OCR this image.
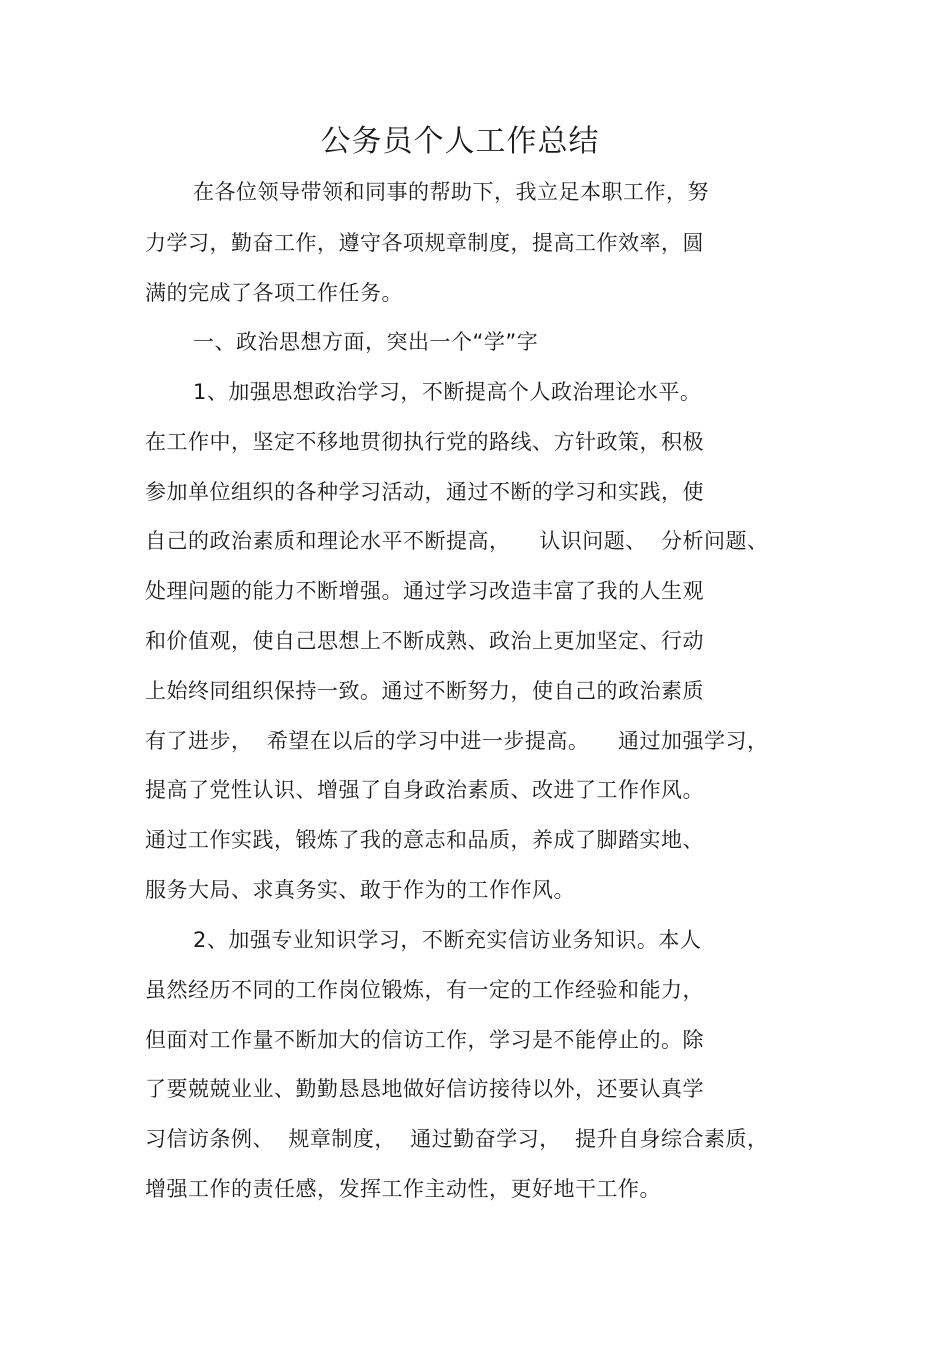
公务员个人工作总结
在各位领导带领和同事的帮助下，我立足本职工作，努
力学习，勤奋工作，遵守各项规章制度，提高工作效率，圆
满的完成了各项工作任务。
一、政治思想方面，突出一个“学”字
1、加强思想政治学习，不断提高个人政治理论水平。
在工作中，坚定不移地贯彻执行党的路线、方针政策，积极
参加单位组织的各种学习活动，通过不断的学习和实践，使
自己的政治素质和理论水平不断提高，    认识问题、  分析问题、
处理问题的能力不断增强。通过学习改造丰富了我的人生观
和价值观，使自己思想上不断成熟、政治上更加坚定、行动
上始终同组织保持一致。通过不断努力，使自己的政治素质
有了进步，  希望在以后的学习中进一步提高。    通过加强学习，
提高了党性认识、增强了自身政治素质、改进了工作作风。
通过工作实践，锻炼了我的意志和品质，养成了脚踏实地、
服务大局、求真务实、敢于作为的工作作风。
2、加强专业知识学习，不断充实信访业务知识。本人
虽然经历不同的工作岗位锻炼，有一定的工作经验和能力，
但面对工作量不断加大的信访工作，学习是不能停止的。除
了要兢兢业业、勤勤恳恳地做好信访接待以外，还要认真学
习信访条例、  规章制度，  通过勤奋学习，  提升自身综合素质，
增强工作的责任感，发挥工作主动性，更好地干工作。
